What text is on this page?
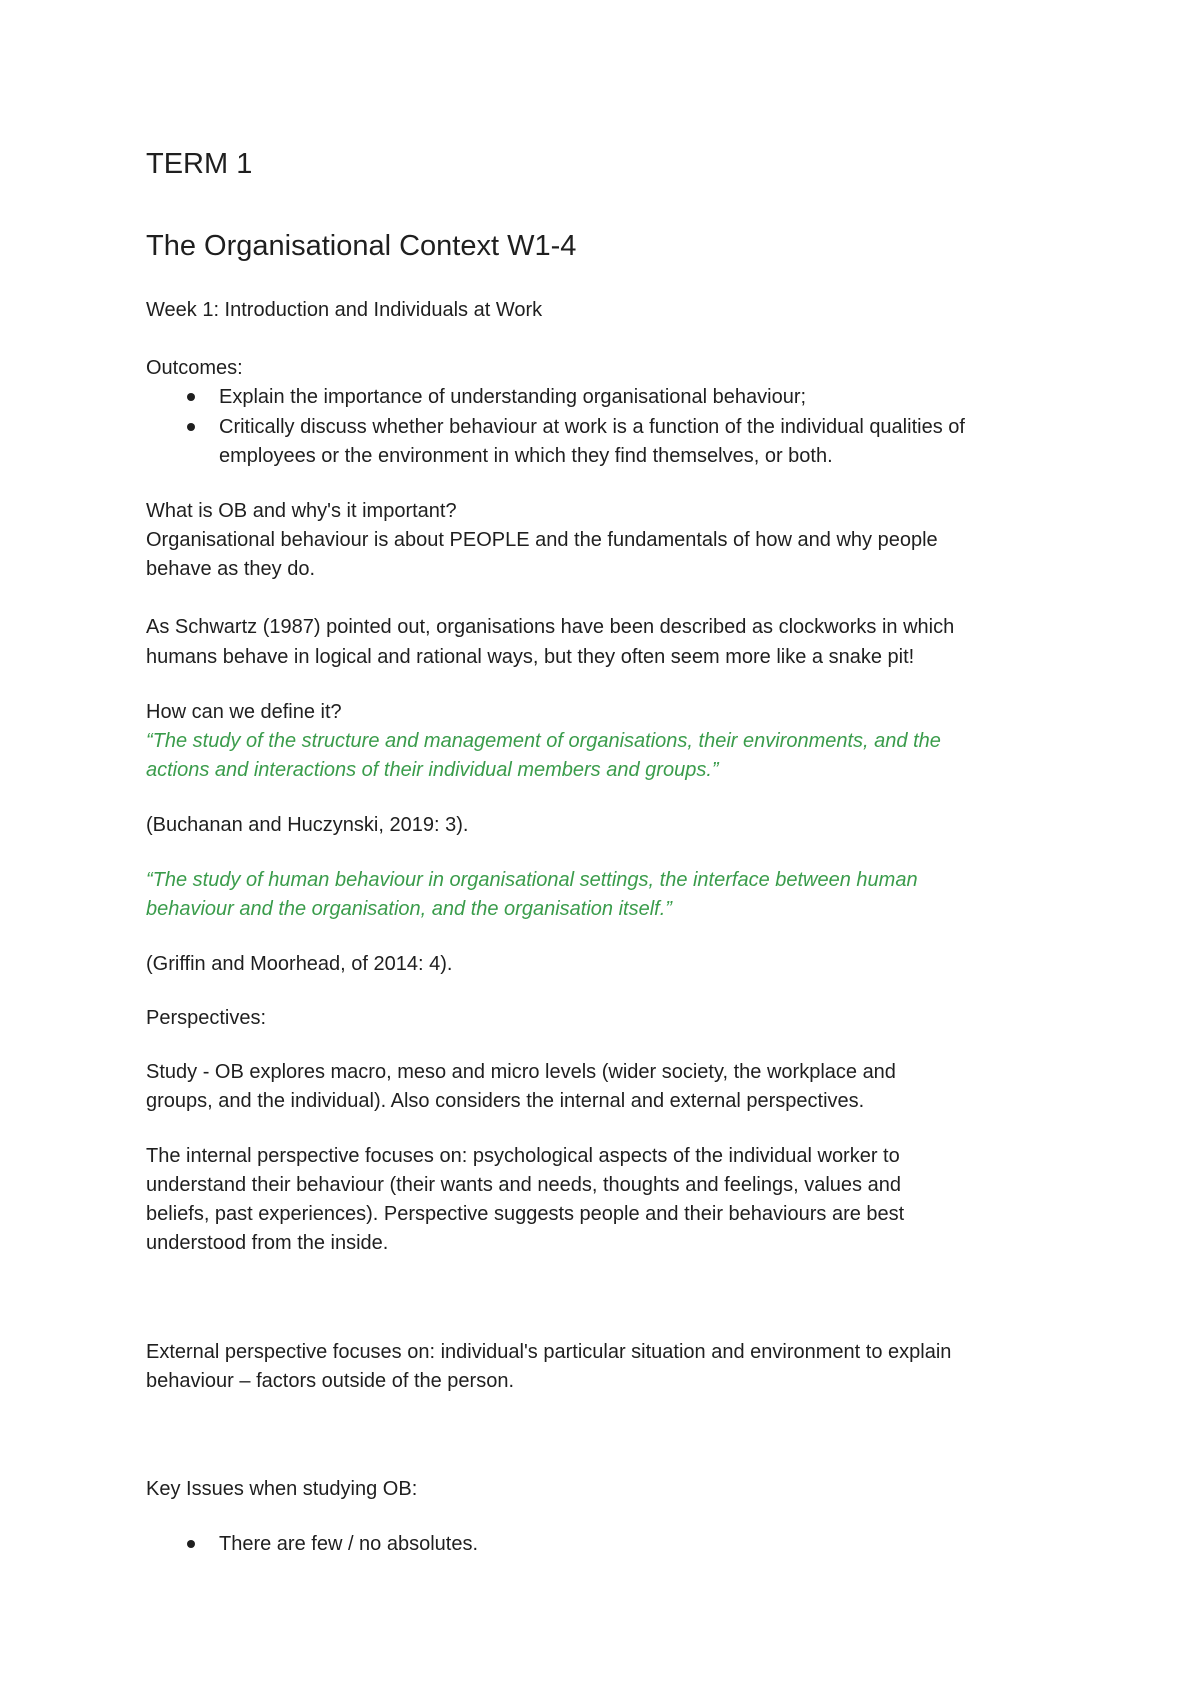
TERM 1
The Organisational Context W1-4

Week 1: Introduction and Individuals at Work

Outcomes:

Explain the importance of understanding organisational behaviour;

Critically discuss whether behaviour at work is a function of the individual qualities of

employees or the environment in which they find themselves, or both.

What is OB and why's it important?

Organisational behaviour is about PEOPLE and the fundamentals of how and why people

behave as they do.

As Schwartz (1987) pointed out, organisations have been described as clockworks in which

humans behave in logical and rational ways, but they often seem more like a snake pit!

How can we define it?

“The study of the structure and management of organisations, their environments, and the

actions and interactions of their individual members and groups.”

(Buchanan and Huczynski, 2019: 3).

“The study of human behaviour in organisational settings, the interface between human

behaviour and the organisation, and the organisation itself.”

(Griffin and Moorhead, of 2014: 4).

Perspectives:

Study - OB explores macro, meso and micro levels (wider society, the workplace and

groups, and the individual). Also considers the internal and external perspectives.

The internal perspective focuses on: psychological aspects of the individual worker to

understand their behaviour (their wants and needs, thoughts and feelings, values and

beliefs, past experiences). Perspective suggests people and their behaviours are best

understood from the inside.

External perspective focuses on: individual's particular situation and environment to explain

behaviour – factors outside of the person.

Key Issues when studying OB:

There are few / no absolutes.
